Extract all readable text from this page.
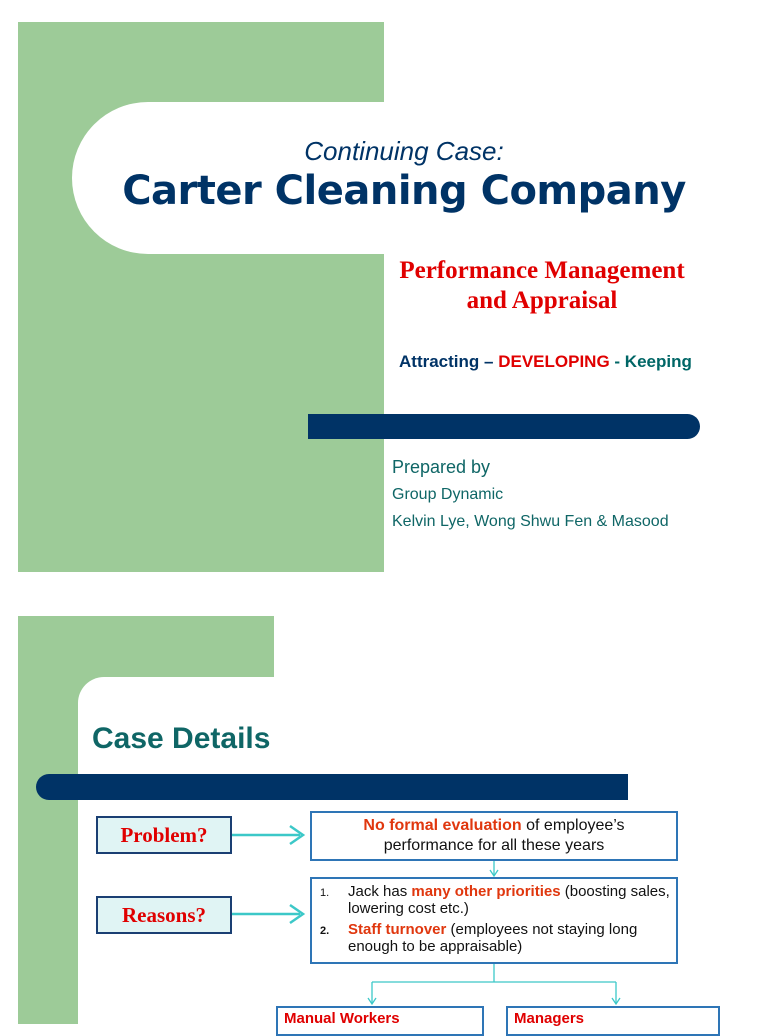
Continuing Case:
Carter Cleaning Company
Performance Management
and Appraisal
Attracting – DEVELOPING - Keeping
Prepared by
Group Dynamic
Kelvin Lye, Wong Shwu Fen & Masood
Case Details
Problem?
Reasons?
No formal evaluation of employee’s
performance for all these years
1.	Jack has many other priorities (boosting sales, lowering cost etc.)
2.	Staff turnover (employees not staying long enough to be appraisable)
Manual Workers	Managers
